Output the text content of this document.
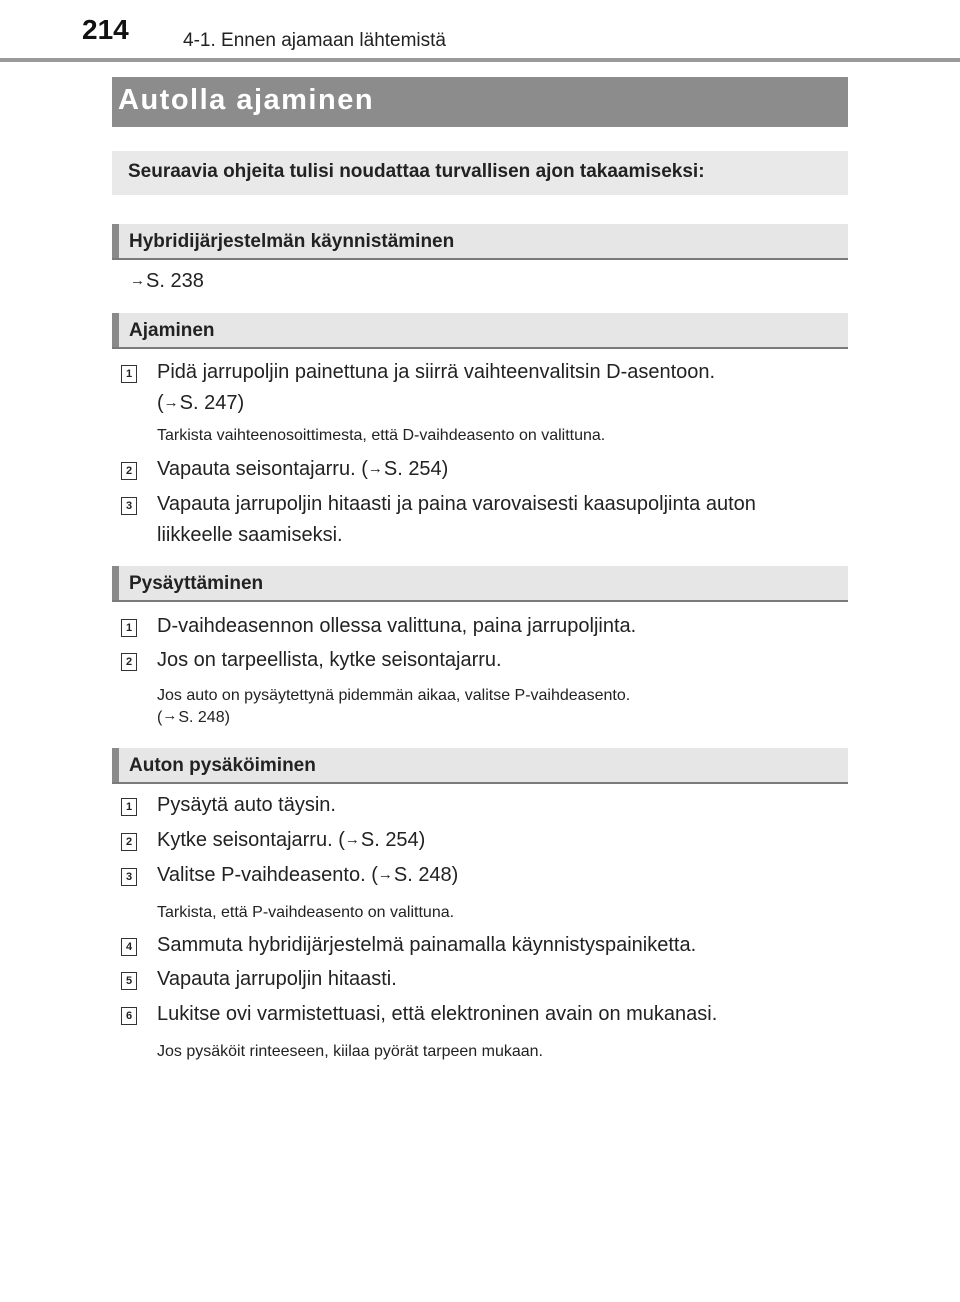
214	4-1. Ennen ajamaan lähtemistä
Autolla ajaminen
Seuraavia ohjeita tulisi noudattaa turvallisen ajon takaamiseksi:
Hybridijärjestelmän käynnistäminen
→S. 238
Ajaminen
1 Pidä jarrupoljin painettuna ja siirrä vaihteenvalitsin D-asentoon.
(→S. 247)
Tarkista vaihteenosoittimesta, että D-vaihdeasento on valittuna.
2 Vapauta seisontajarru. (→S. 254)
3 Vapauta jarrupoljin hitaasti ja paina varovaisesti kaasupoljinta auton
liikkeelle saamiseksi.
Pysäyttäminen
1 D-vaihdeasennon ollessa valittuna, paina jarrupoljinta.
2 Jos on tarpeellista, kytke seisontajarru.
Jos auto on pysäytettynä pidemmän aikaa, valitse P-vaihdeasento.
(→S. 248)
Auton pysäköiminen
1 Pysäytä auto täysin.
2 Kytke seisontajarru. (→S. 254)
3 Valitse P-vaihdeasento. (→S. 248)
Tarkista, että P-vaihdeasento on valittuna.
4 Sammuta hybridijärjestelmä painamalla käynnistyspainiketta.
5 Vapauta jarrupoljin hitaasti.
6 Lukitse ovi varmistettuasi, että elektroninen avain on mukanasi.
Jos pysäköit rinteeseen, kiilaa pyörät tarpeen mukaan.
